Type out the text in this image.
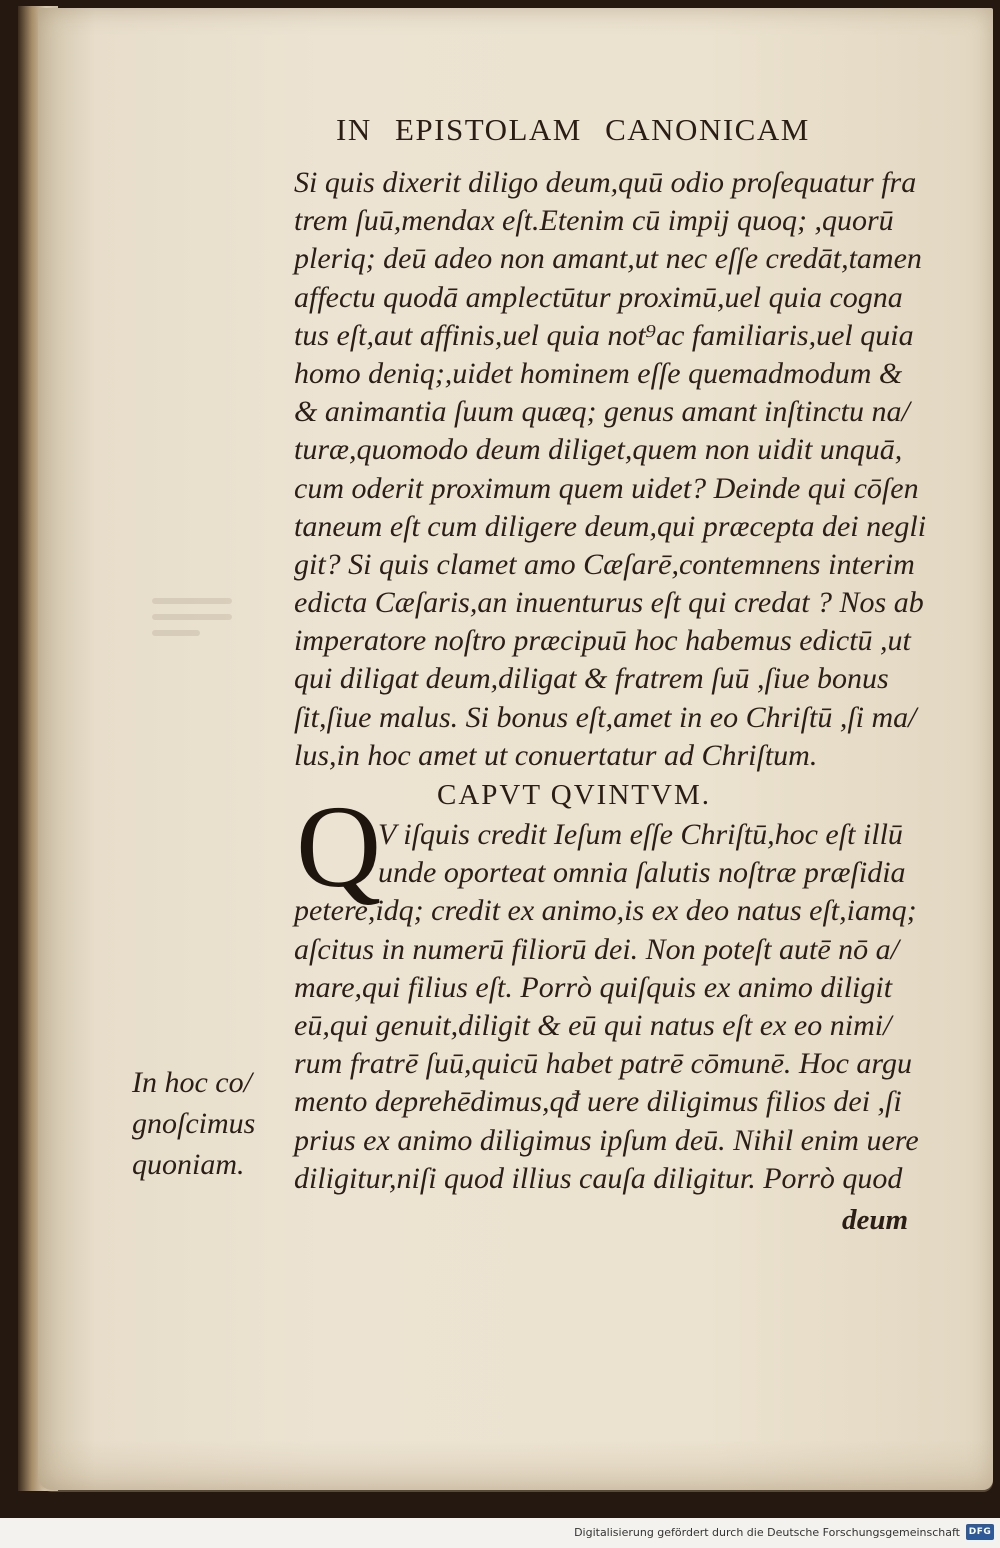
IN EPISTOLAM CANONICAM
Si quis dixerit diligo deum,quū odio proſequatur fra
trem ſuū,mendax eſt.Etenim cū impij quoq; ,quorū
pleriq; deū adeo non amant,ut nec eſſe credāt,tamen
affectu quodā amplectūtur proximū,uel quia cogna
tus eſt,aut affinis,uel quia not⁹ac familiaris,uel quia
homo deniq;,uidet hominem eſſe quemadmodum &
& animantia ſuum quæq; genus amant inſtinctu na/
turæ,quomodo deum diliget,quem non uidit unquā,
cum oderit proximum quem uidet? Deinde qui cōſen
taneum eſt cum diligere deum,qui præcepta dei negli
git? Si quis clamet amo Cæſarē,contemnens interim
edicta Cæſaris,an inuenturus eſt qui credat ? Nos ab
imperatore noſtro præcipuū hoc habemus edictū ,ut
qui diligat deum,diligat & fratrem ſuū ,ſiue bonus
ſit,ſiue malus. Si bonus eſt,amet in eo Chriſtū ,ſi ma/
lus,in hoc amet ut conuertatur ad Chriſtum.
CAPVT QVINTVM.
Q
V iſquis credit Ieſum eſſe Chriſtū,hoc eſt illū
unde oporteat omnia ſalutis noſtræ præſidia
petere,idq; credit ex animo,is ex deo natus eſt,iamq;
aſcitus in numerū filiorū dei. Non poteſt autē nō a/
mare,qui filius eſt. Porrò quiſquis ex animo diligit
eū,qui genuit,diligit & eū qui natus eſt ex eo nimi/
rum fratrē ſuū,quicū habet patrē cōmunē. Hoc argu
mento deprehēdimus,qđ uere diligimus filios dei ,ſi
prius ex animo diligimus ipſum deū. Nihil enim uere
diligitur,niſi quod illius cauſa diligitur. Porrò quod
deum
In hoc co/
gnoſcimus
quoniam.
Digitalisierung gefördert durch die Deutsche Forschungsgemeinschaft DFG
